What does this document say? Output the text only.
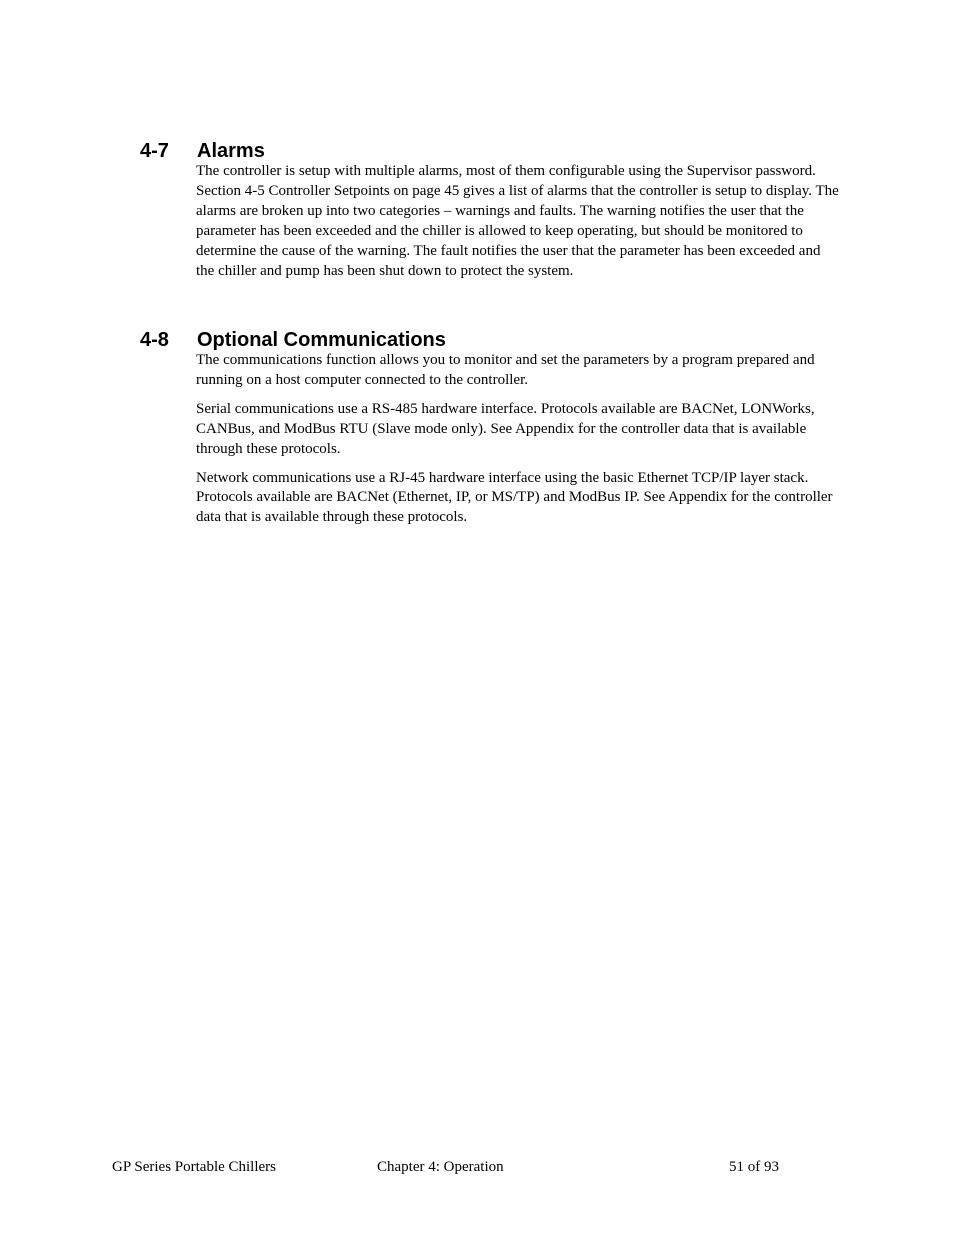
4-7	Alarms

The controller is setup with multiple alarms, most of them configurable using the Supervisor password. Section 4-5 Controller Setpoints on page 45 gives a list of alarms that the controller is setup to display. The alarms are broken up into two categories – warnings and faults. The warning notifies the user that the parameter has been exceeded and the chiller is allowed to keep operating, but should be monitored to determine the cause of the warning. The fault notifies the user that the parameter has been exceeded and the chiller and pump has been shut down to protect the system.

4-8	Optional Communications

The communications function allows you to monitor and set the parameters by a program prepared and running on a host computer connected to the controller.

Serial communications use a RS-485 hardware interface. Protocols available are BACNet, LONWorks, CANBus, and ModBus RTU (Slave mode only). See Appendix for the controller data that is available through these protocols.

Network communications use a RJ-45 hardware interface using the basic Ethernet TCP/IP layer stack. Protocols available are BACNet (Ethernet, IP, or MS/TP) and ModBus IP. See Appendix for the controller data that is available through these protocols.

GP Series Portable Chillers	Chapter 4: Operation	51 of 93
